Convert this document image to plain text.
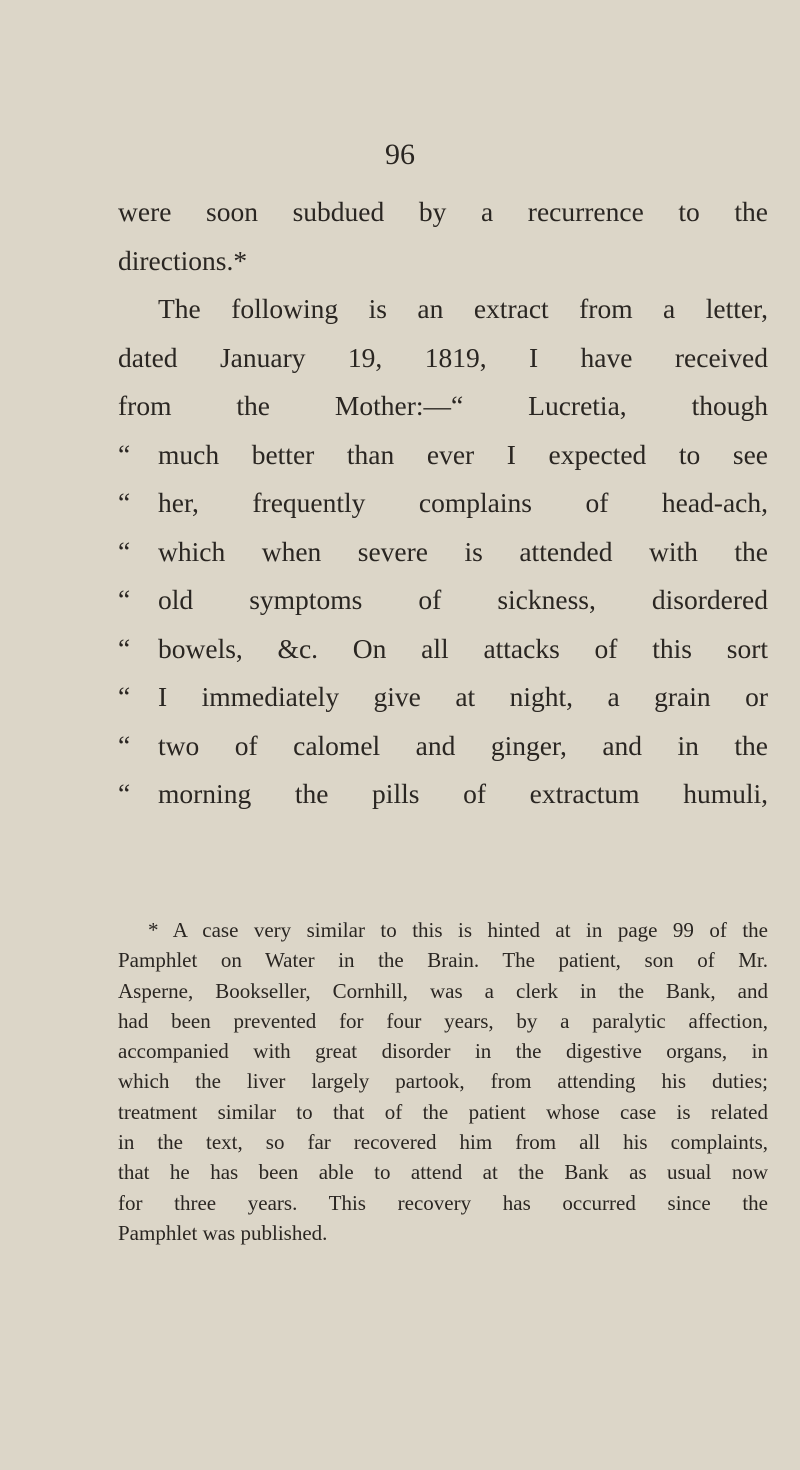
96
were soon subdued by a recurrence to the
directions.*
The following is an extract from a letter,
dated January 19, 1819, I have received
from the Mother:—“ Lucretia, though
“ much better than ever I expected to see
“ her, frequently complains of head-ach,
“ which when severe is attended with the
“ old symptoms of sickness, disordered
“ bowels, &c. On all attacks of this sort
“ I immediately give at night, a grain or
“ two of calomel and ginger, and in the
“ morning the pills of extractum humuli,
* A case very similar to this is hinted at in page 99 of the
Pamphlet on Water in the Brain. The patient, son of Mr.
Asperne, Bookseller, Cornhill, was a clerk in the Bank, and
had been prevented for four years, by a paralytic affection,
accompanied with great disorder in the digestive organs, in
which the liver largely partook, from attending his duties;
treatment similar to that of the patient whose case is related
in the text, so far recovered him from all his complaints,
that he has been able to attend at the Bank as usual now
for three years. This recovery has occurred since the
Pamphlet was published.
